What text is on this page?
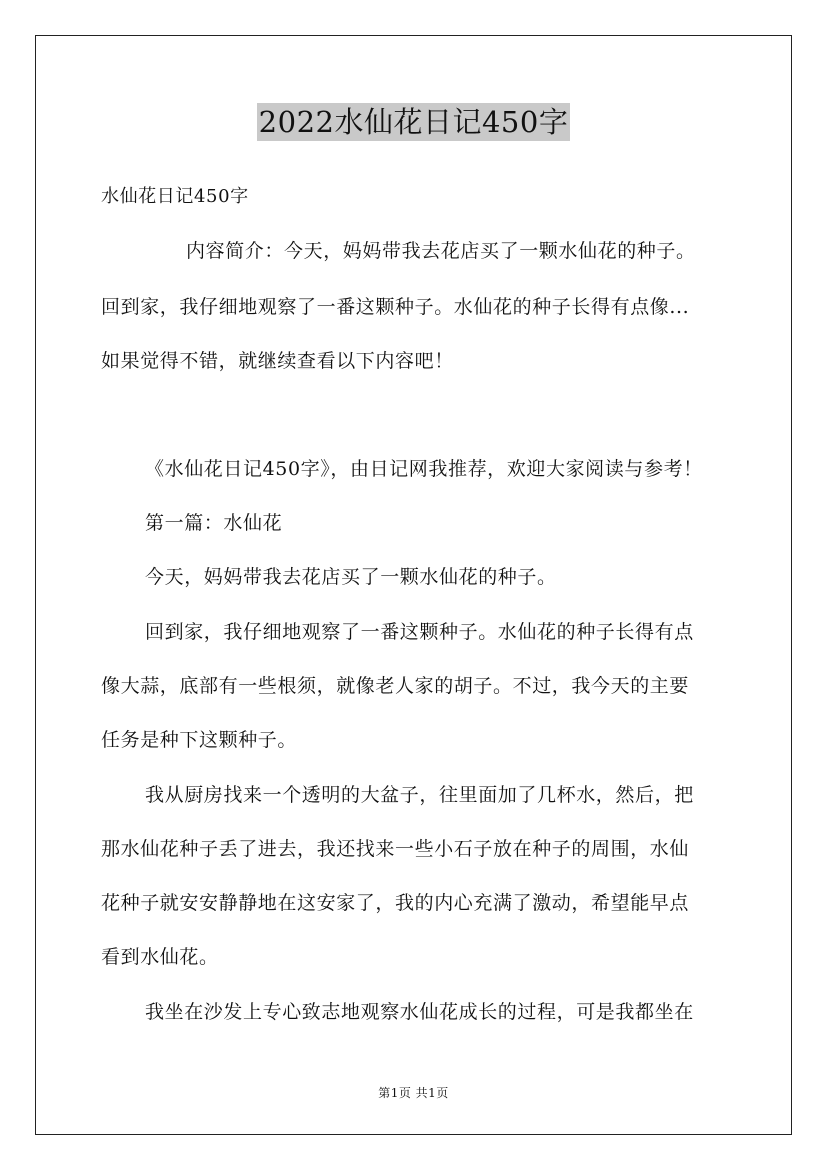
2022水仙花日记450字
水仙花日记450字
内容简介：今天，妈妈带我去花店买了一颗水仙花的种子。
回到家，我仔细地观察了一番这颗种子。水仙花的种子长得有点像...
如果觉得不错，就继续查看以下内容吧！
《水仙花日记450字》，由日记网我推荐，欢迎大家阅读与参考！
第一篇：水仙花
今天，妈妈带我去花店买了一颗水仙花的种子。
回到家，我仔细地观察了一番这颗种子。水仙花的种子长得有点
像大蒜，底部有一些根须，就像老人家的胡子。不过，我今天的主要
任务是种下这颗种子。
我从厨房找来一个透明的大盆子，往里面加了几杯水，然后，把
那水仙花种子丢了进去，我还找来一些小石子放在种子的周围，水仙
花种子就安安静静地在这安家了，我的内心充满了激动，希望能早点
看到水仙花。
我坐在沙发上专心致志地观察水仙花成长的过程，可是我都坐在
第1页 共1页
